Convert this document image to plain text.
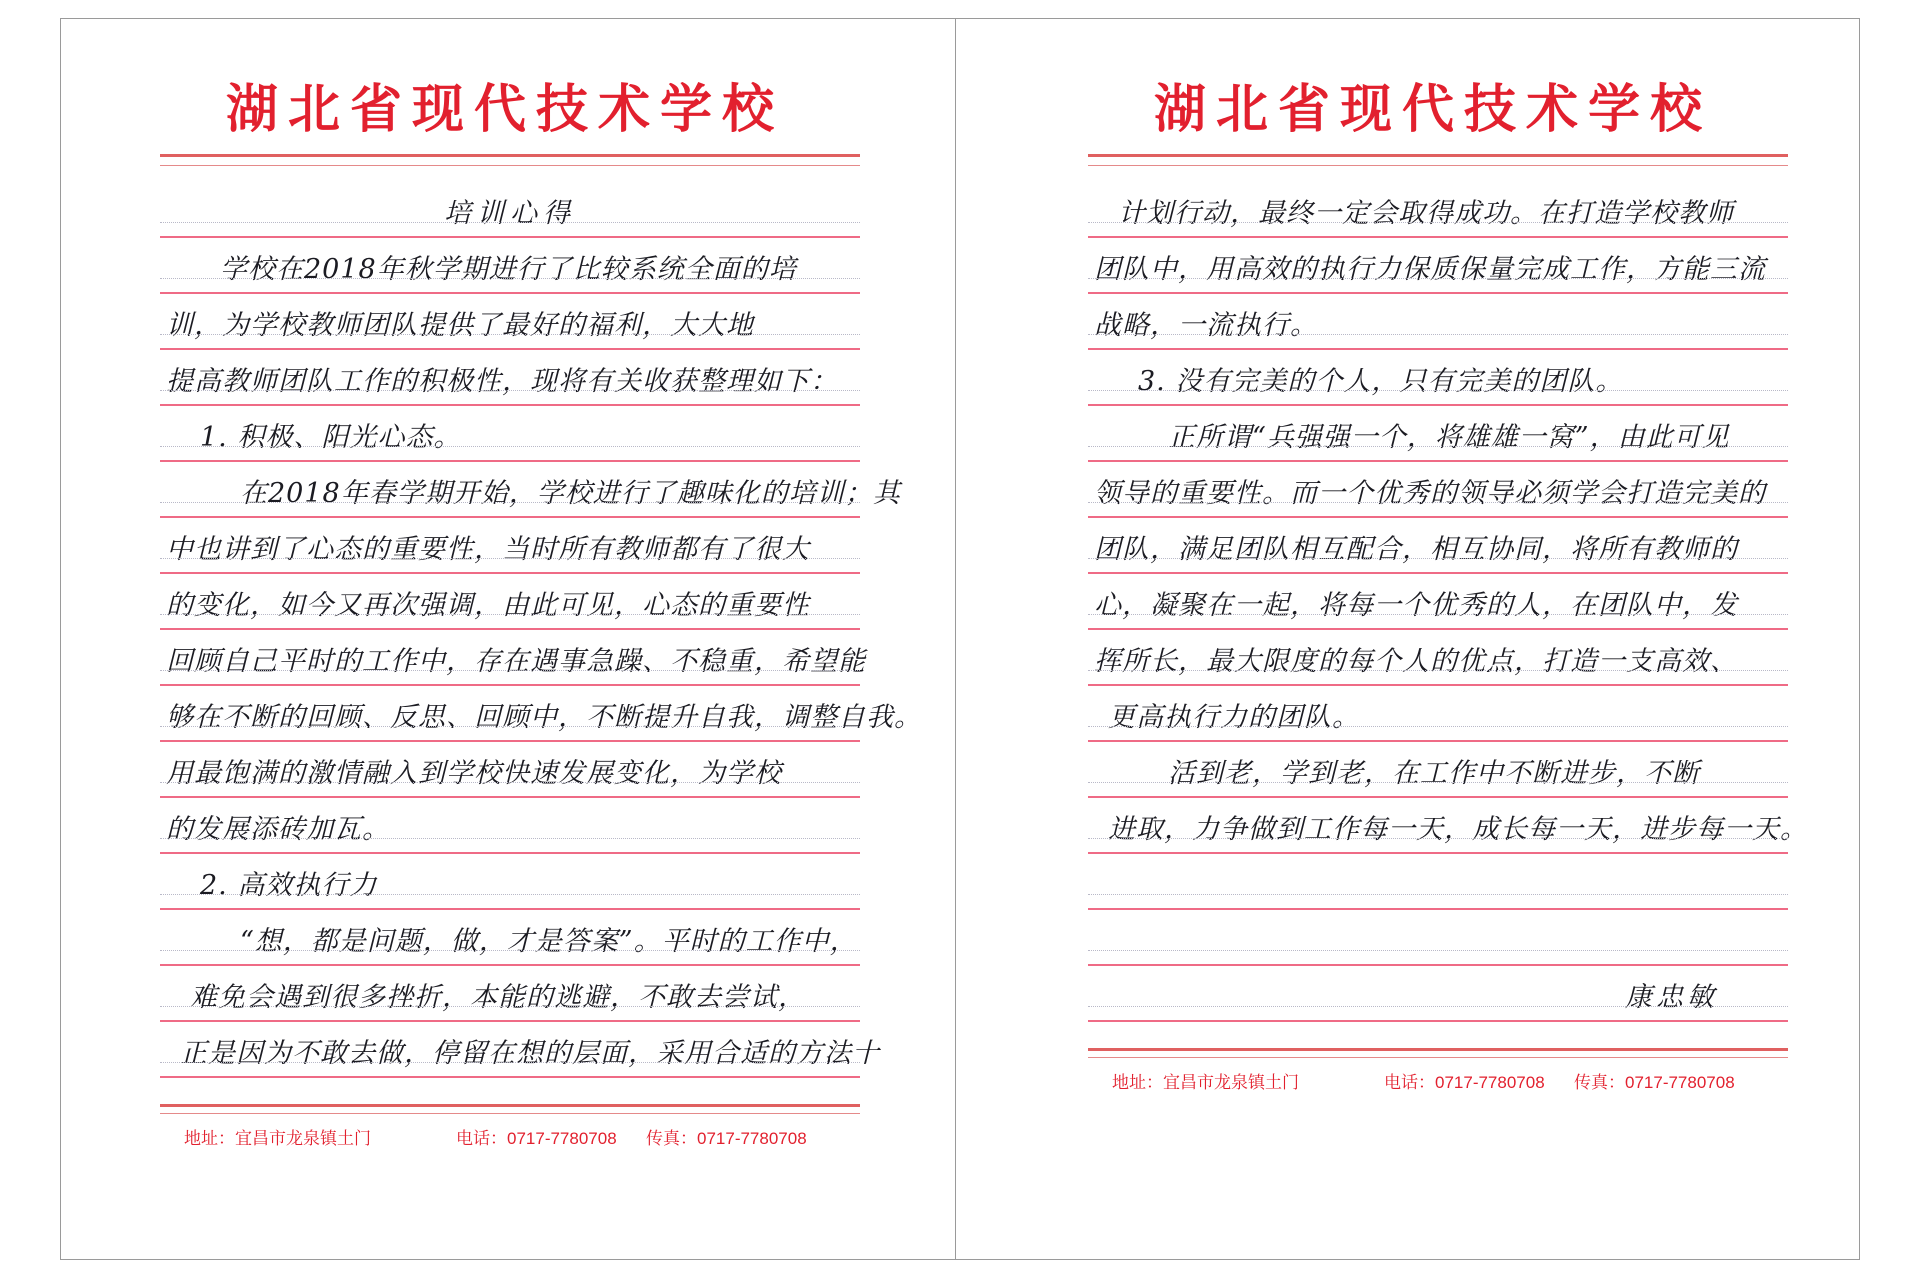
湖北省现代技术学校
培训心得
学校在2018年秋学期进行了比较系统全面的培
训，为学校教师团队提供了最好的福利，大大地
提高教师团队工作的积极性，现将有关收获整理如下：
1. 积极、阳光心态。
在2018年春学期开始，学校进行了趣味化的培训；其
中也讲到了心态的重要性，当时所有教师都有了很大
的变化，如今又再次强调，由此可见，心态的重要性
回顾自己平时的工作中，存在遇事急躁、不稳重，希望能
够在不断的回顾、反思、回顾中，不断提升自我，调整自我。
用最饱满的激情融入到学校快速发展变化，为学校
的发展添砖加瓦。
2. 高效执行力
“想，都是问题，做，才是答案”。平时的工作中，
难免会遇到很多挫折，本能的逃避，不敢去尝试，
正是因为不敢去做，停留在想的层面，采用合适的方法十
地址：宜昌市龙泉镇土门	电话：0717-7780708	传真：0717-7780708
湖北省现代技术学校
计划行动，最终一定会取得成功。在打造学校教师
团队中，用高效的执行力保质保量完成工作，方能三流
战略，一流执行。
3. 没有完美的个人，只有完美的团队。
正所谓“兵强强一个，将雄雄一窝”，由此可见
领导的重要性。而一个优秀的领导必须学会打造完美的
团队，满足团队相互配合，相互协同，将所有教师的
心，凝聚在一起，将每一个优秀的人，在团队中，发
挥所长，最大限度的每个人的优点，打造一支高效、
更高执行力的团队。
活到老，学到老，在工作中不断进步，不断
进取，力争做到工作每一天，成长每一天，进步每一天。
康忠敏
地址：宜昌市龙泉镇土门	电话：0717-7780708	传真：0717-7780708
